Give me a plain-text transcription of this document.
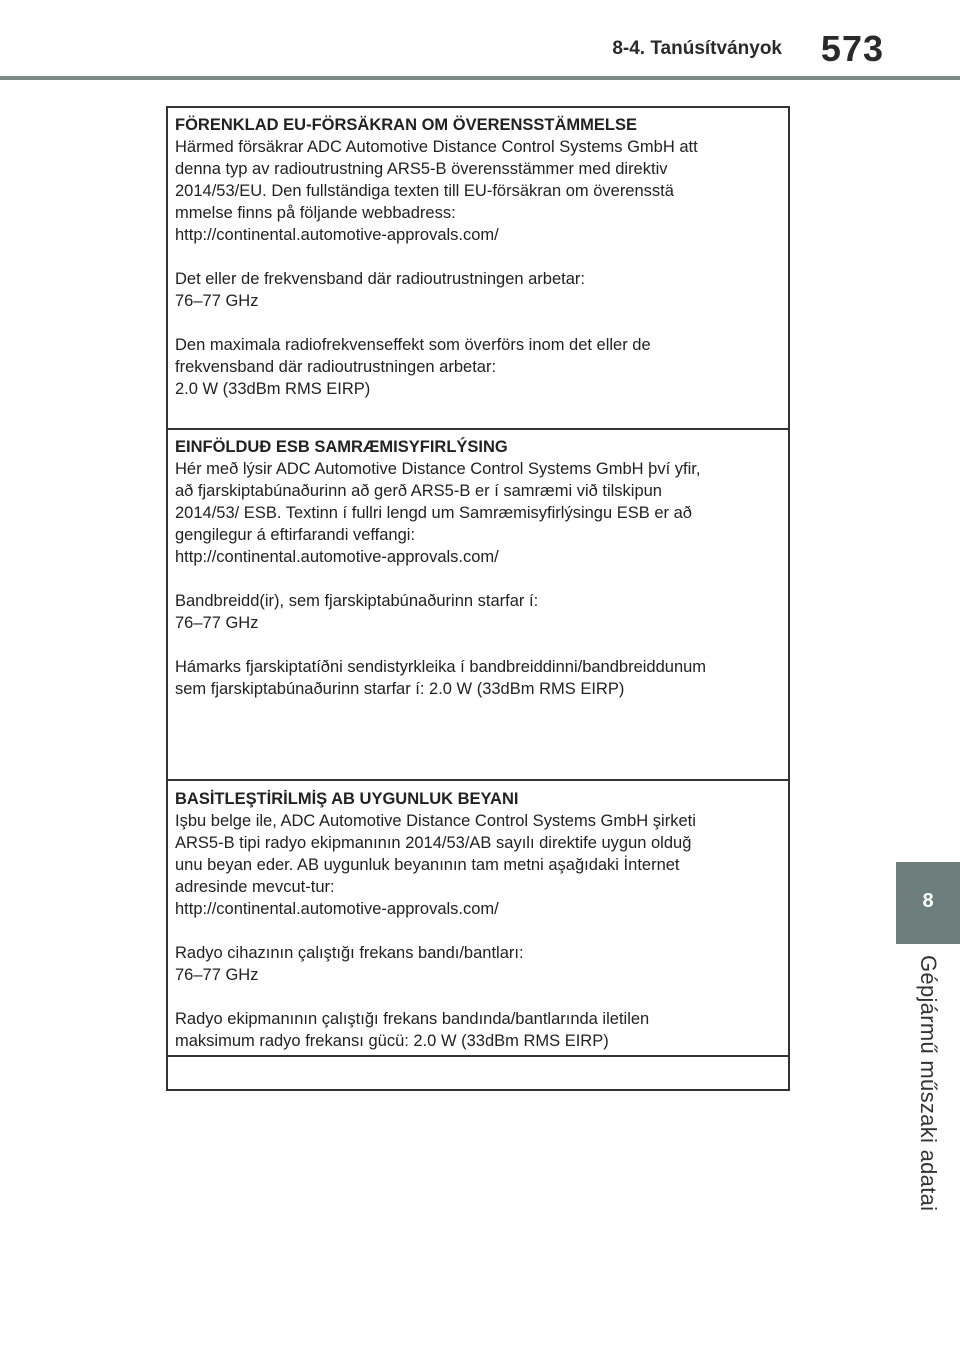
8-4. Tanúsítványok 573
8
Gépjármű műszaki adatai
FÖRENKLAD EU-FÖRSÄKRAN OM ÖVERENSSTÄMMELSE
Härmed försäkrar ADC Automotive Distance Control Systems GmbH att
denna typ av radioutrustning ARS5-B överensstämmer med direktiv
2014/53/EU. Den fullständiga texten till EU-försäkran om överensstä
mmelse finns på följande webbadress:
http://continental.automotive-approvals.com/
Det eller de frekvensband där radioutrustningen arbetar:
76–77 GHz
Den maximala radiofrekvenseffekt som överförs inom det eller de
frekvensband där radioutrustningen arbetar:
2.0 W (33dBm RMS EIRP)
EINFÖLDUÐ ESB SAMRÆMISYFIRLÝSING
Hér með lýsir ADC Automotive Distance Control Systems GmbH því yfir,
að fjarskiptabúnaðurinn að gerð ARS5-B er í samræmi við tilskipun
2014/53/ ESB. Textinn í fullri lengd um Samræmisyfirlýsingu ESB er að
gengilegur á eftirfarandi veffangi:
http://continental.automotive-approvals.com/
Bandbreidd(ir), sem fjarskiptabúnaðurinn starfar í:
76–77 GHz
Hámarks fjarskiptatíðni sendistyrkleika í bandbreiddinni/bandbreiddunum
sem fjarskiptabúnaðurinn starfar í: 2.0 W (33dBm RMS EIRP)
BASİTLEŞTİRİLMİŞ AB UYGUNLUK BEYANI
Işbu belge ile, ADC Automotive Distance Control Systems GmbH şirketi
ARS5-B tipi radyo ekipmanının 2014/53/AB sayılı direktife uygun olduğ
unu beyan eder. AB uygunluk beyanının tam metni aşağıdaki İnternet
adresinde mevcut-tur:
http://continental.automotive-approvals.com/
Radyo cihazının çalıştığı frekans bandı/bantları:
76–77 GHz
Radyo ekipmanının çalıştığı frekans bandında/bantlarında iletilen
maksimum radyo frekansı gücü: 2.0 W (33dBm RMS EIRP)
